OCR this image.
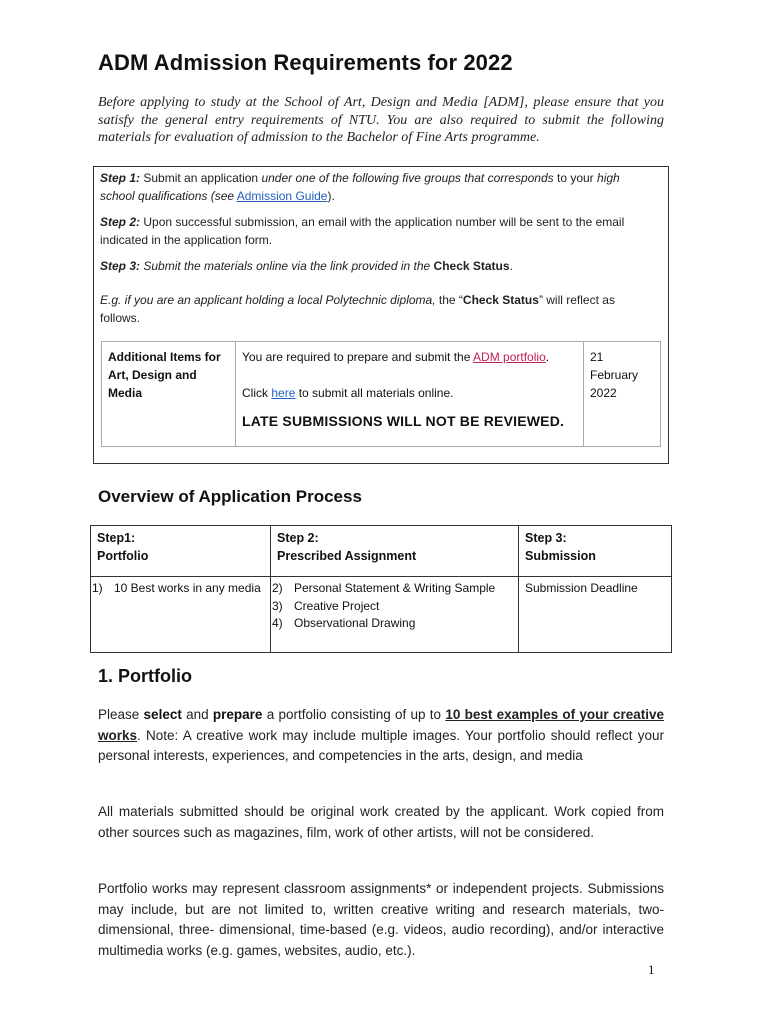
ADM Admission Requirements for 2022
Before applying to study at the School of Art, Design and Media [ADM], please ensure that you satisfy the general entry requirements of NTU. You are also required to submit the following materials for evaluation of admission to the Bachelor of Fine Arts programme.
Step 1: Submit an application under one of the following five groups that corresponds to your high school qualifications (see Admission Guide).
Step 2: Upon successful submission, an email with the application number will be sent to the email indicated in the application form.
Step 3: Submit the materials online via the link provided in the Check Status.
E.g. if you are an applicant holding a local Polytechnic diploma, the “Check Status” will reflect as follows.
Additional Items for Art, Design and Media
You are required to prepare and submit the ADM portfolio.
Click here to submit all materials online.
LATE SUBMISSIONS WILL NOT BE REVIEWED.
21 February 2022
Overview of Application Process
Step1:
Portfolio
1) 10 Best works in any media
Step 2:
Prescribed Assignment
2) Personal Statement & Writing Sample
3) Creative Project
4) Observational Drawing
Step 3:
Submission
Submission Deadline
1. Portfolio
Please select and prepare a portfolio consisting of up to 10 best examples of your creative works. Note: A creative work may include multiple images. Your portfolio should reflect your personal interests, experiences, and competencies in the arts, design, and media
All materials submitted should be original work created by the applicant. Work copied from other sources such as magazines, film, work of other artists, will not be considered.
Portfolio works may represent classroom assignments* or independent projects. Submissions may include, but are not limited to, written creative writing and research materials, two-dimensional, three- dimensional, time-based (e.g. videos, audio recording), and/or interactive multimedia works (e.g. games, websites, audio, etc.).
1
